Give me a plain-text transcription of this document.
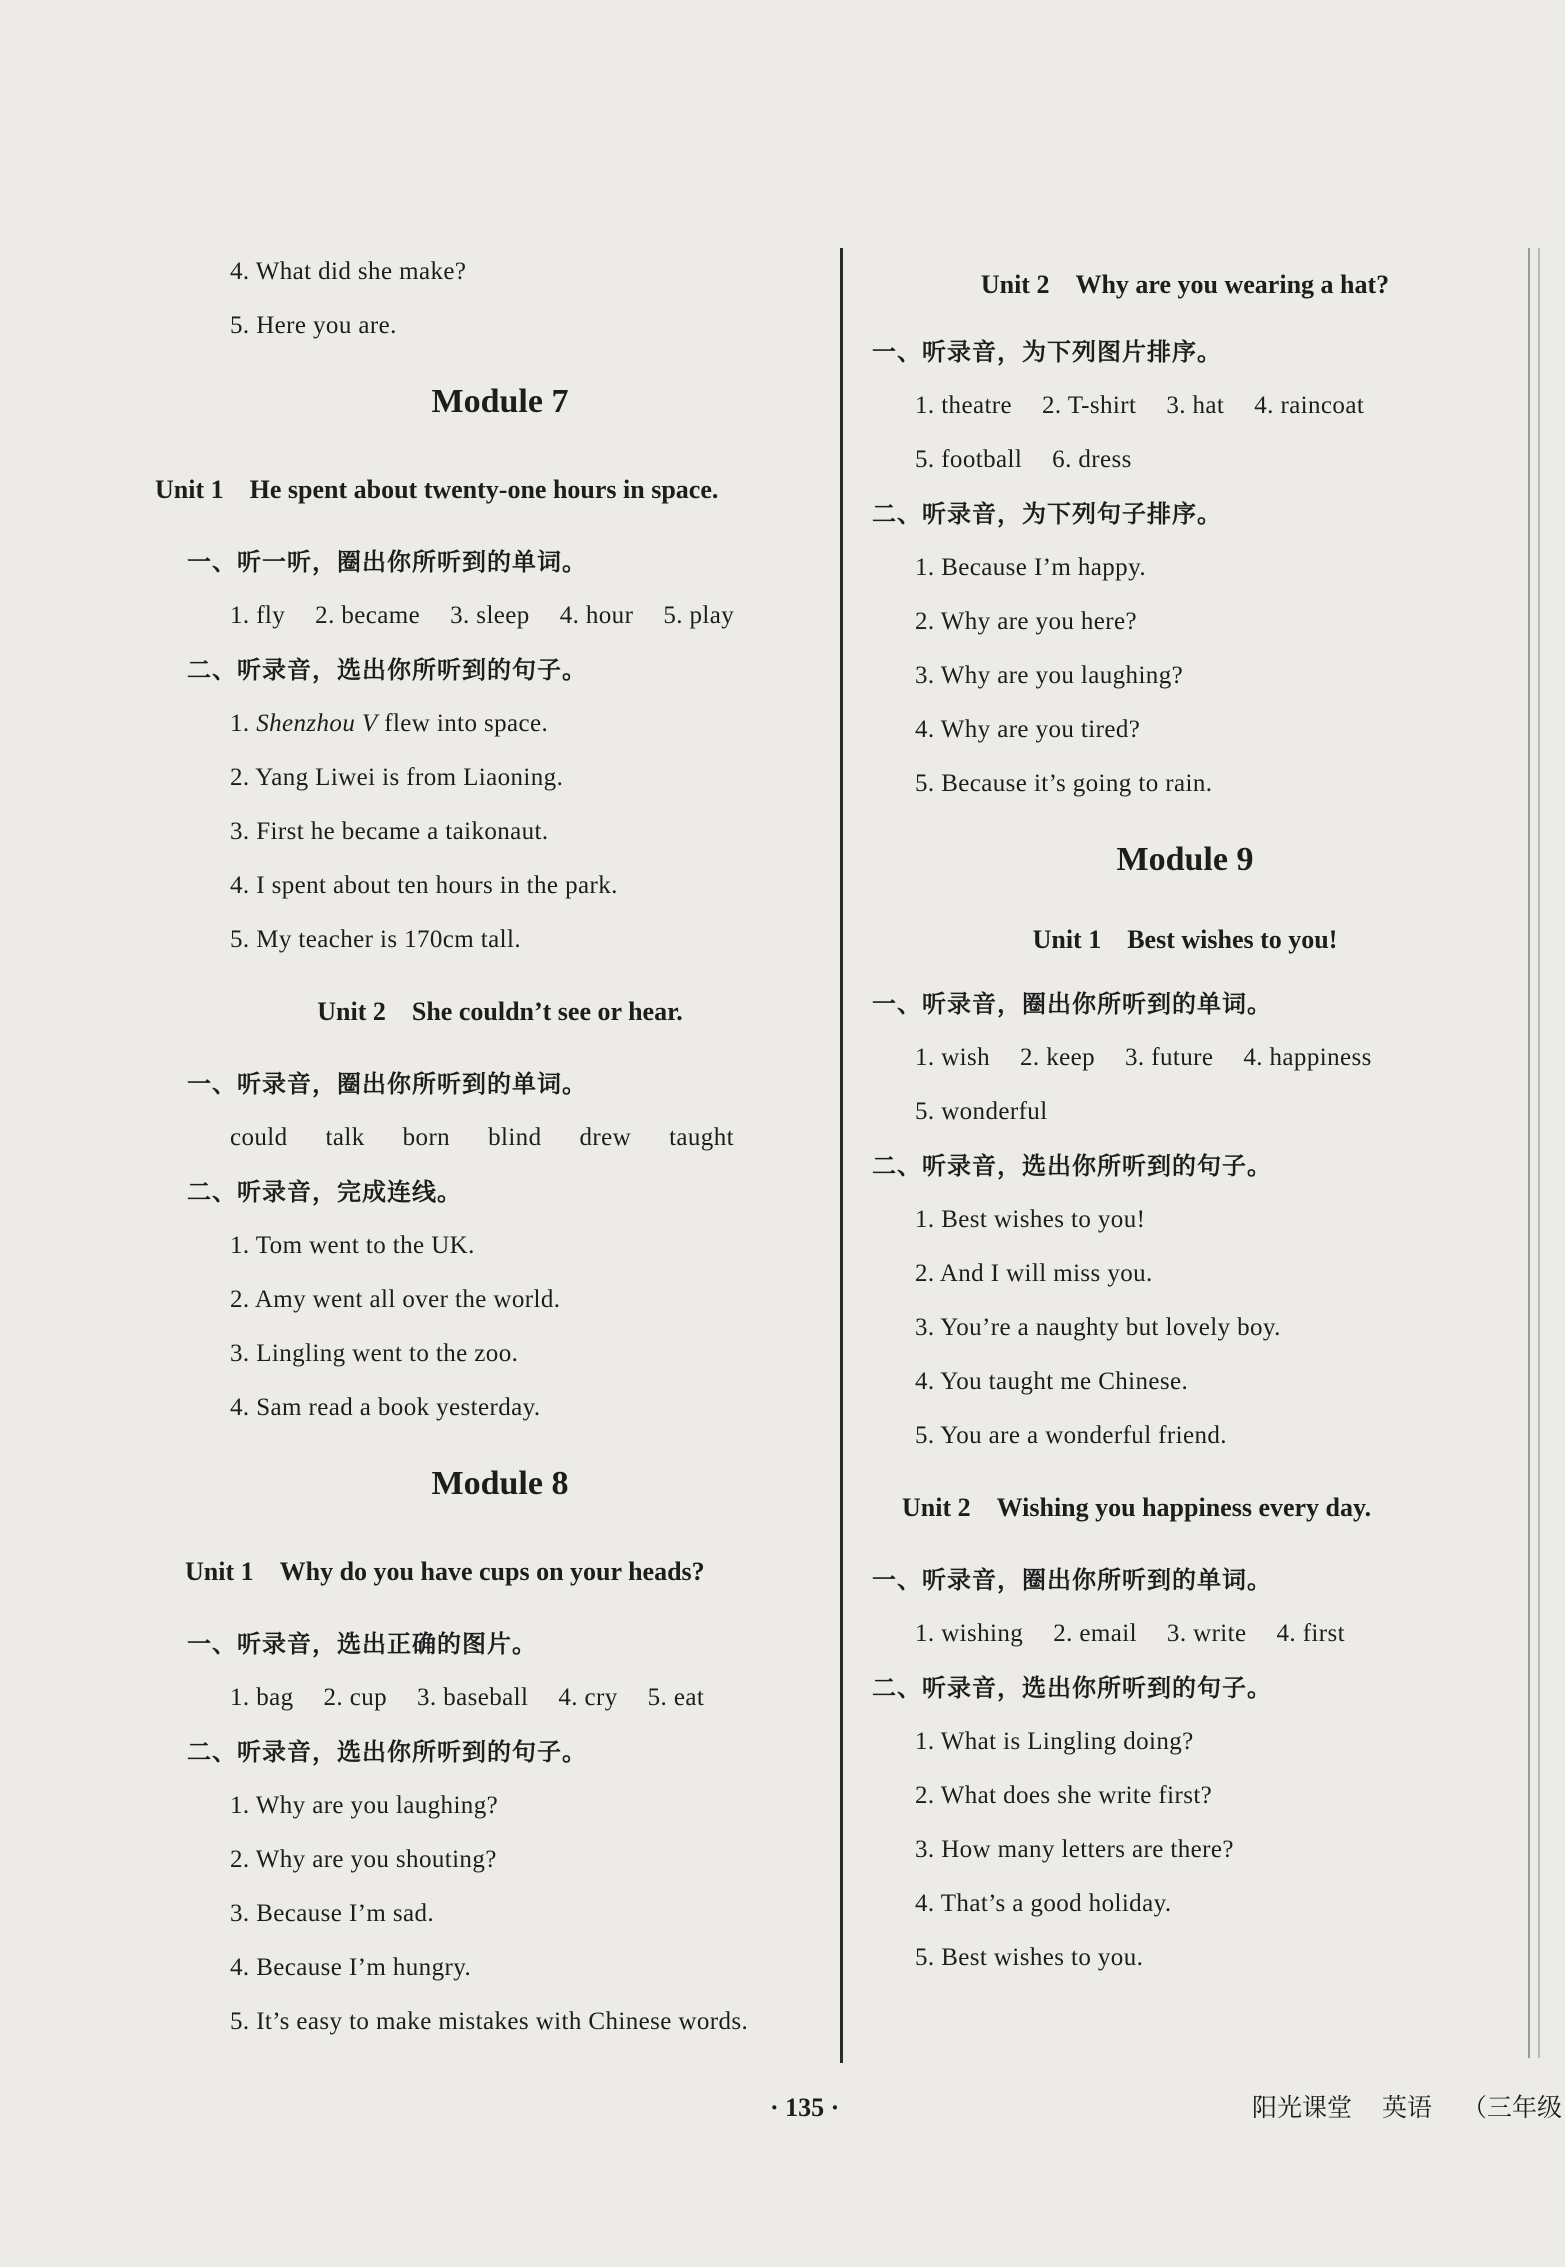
4. What did she make?
5. Here you are.
Module 7
Unit 1 He spent about twenty-one hours in space.
一、听一听，圈出你所听到的单词。
1. fly 2. became 3. sleep 4. hour 5. play
二、听录音，选出你所听到的句子。
1. Shenzhou V flew into space.
2. Yang Liwei is from Liaoning.
3. First he became a taikonaut.
4. I spent about ten hours in the park.
5. My teacher is 170cm tall.
Unit 2 She couldn’t see or hear.
一、听录音，圈出你所听到的单词。
could talk born blind drew taught
二、听录音，完成连线。
1. Tom went to the UK.
2. Amy went all over the world.
3. Lingling went to the zoo.
4. Sam read a book yesterday.
Module 8
Unit 1 Why do you have cups on your heads?
一、听录音，选出正确的图片。
1. bag 2. cup 3. baseball 4. cry 5. eat
二、听录音，选出你所听到的句子。
1. Why are you laughing?
2. Why are you shouting?
3. Because I’m sad.
4. Because I’m hungry.
5. It’s easy to make mistakes with Chinese words.
Unit 2 Why are you wearing a hat?
一、听录音，为下列图片排序。
1. theatre 2. T-shirt 3. hat 4. raincoat
5. football 6. dress
二、听录音，为下列句子排序。
1. Because I’m happy.
2. Why are you here?
3. Why are you laughing?
4. Why are you tired?
5. Because it’s going to rain.
Module 9
Unit 1 Best wishes to you!
一、听录音，圈出你所听到的单词。
1. wish 2. keep 3. future 4. happiness
5. wonderful
二、听录音，选出你所听到的句子。
1. Best wishes to you!
2. And I will miss you.
3. You’re a naughty but lovely boy.
4. You taught me Chinese.
5. You are a wonderful friend.
Unit 2 Wishing you happiness every day.
一、听录音，圈出你所听到的单词。
1. wishing 2. email 3. write 4. first
二、听录音，选出你所听到的句子。
1. What is Lingling doing?
2. What does she write first?
3. How many letters are there?
4. That’s a good holiday.
5. Best wishes to you.
· 135 ·	阳光课堂 英语 （三年级
